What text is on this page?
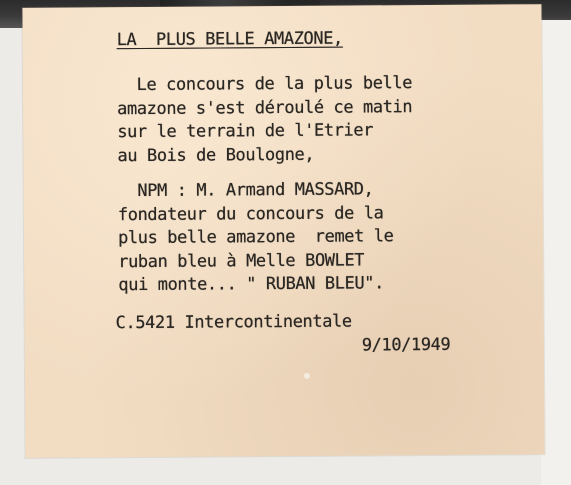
LA  PLUS BELLE AMAZONE,
Le concours de la plus belle
amazone s'est déroulé ce matin
sur le terrain de l'Etrier
au Bois de Boulogne,
NPM : M. Armand MASSARD,
fondateur du concours de la
plus belle amazone  remet le
ruban bleu à Melle BOWLET
qui monte... " RUBAN BLEU".
C.5421 Intercontinentale
9/10/1949
